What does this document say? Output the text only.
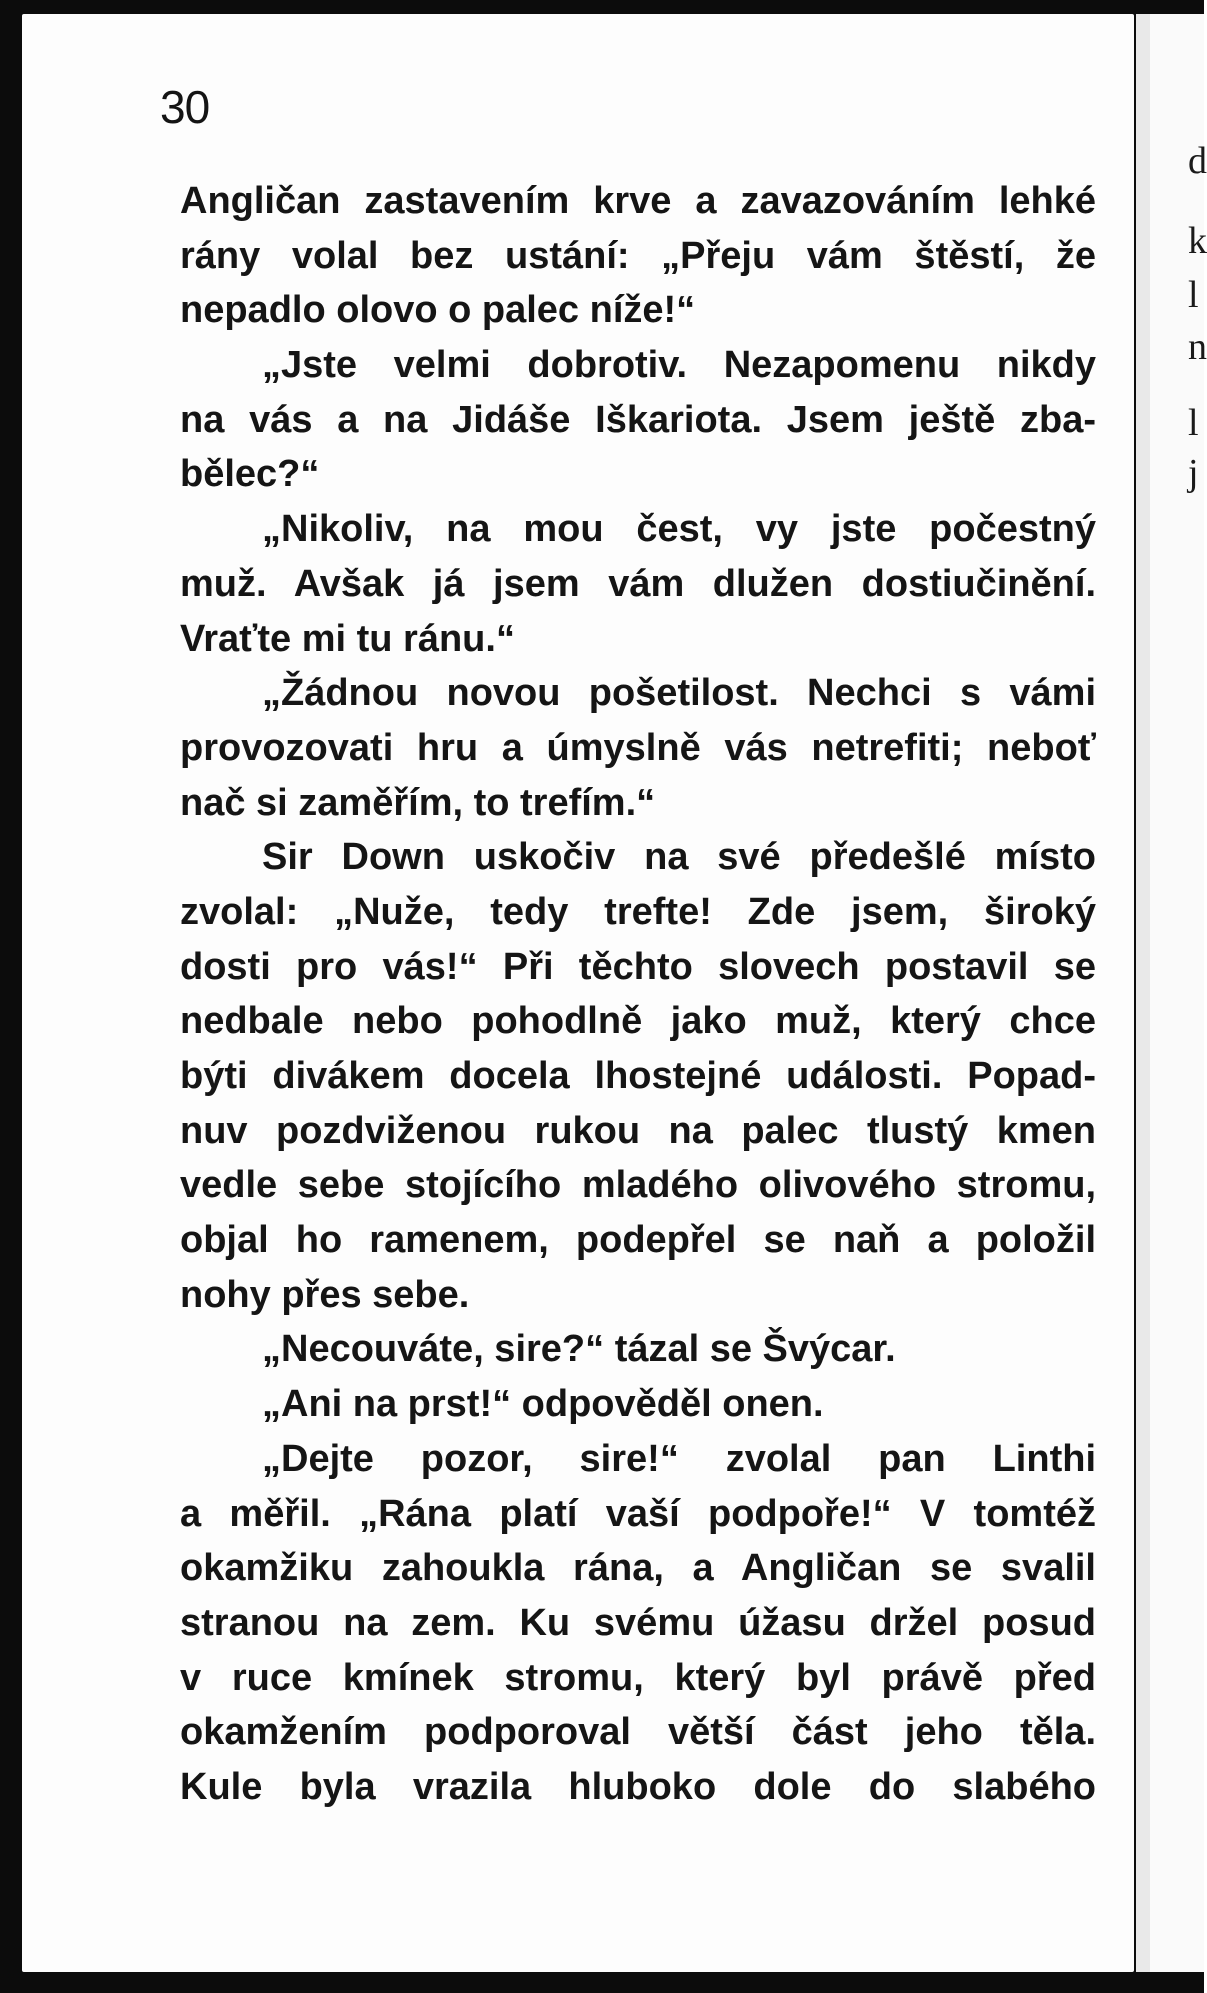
30
Angličan zastavením krve a zavazováním lehké
rány volal bez ustání: „Přeju vám štěstí, že
nepadlo olovo o palec níže!“
„Jste velmi dobrotiv. Nezapomenu nikdy
na vás a na Jidáše Iškariota. Jsem ještě zba-
bělec?“
„Nikoliv, na mou čest, vy jste počestný
muž. Avšak já jsem vám dlužen dostiučinění.
Vraťte mi tu ránu.“
„Žádnou novou pošetilost. Nechci s vámi
provozovati hru a úmyslně vás netrefiti; neboť
nač si zaměřím, to trefím.“
Sir Down uskočiv na své předešlé místo
zvolal: „Nuže, tedy trefte! Zde jsem, široký
dosti pro vás!“ Při těchto slovech postavil se
nedbale nebo pohodlně jako muž, který chce
býti divákem docela lhostejné události. Popad-
nuv pozdviženou rukou na palec tlustý kmen
vedle sebe stojícího mladého olivového stromu,
objal ho ramenem, podepřel se naň a položil
nohy přes sebe.
„Necouváte, sire?“ tázal se Švýcar.
„Ani na prst!“ odpověděl onen.
„Dejte pozor, sire!“ zvolal pan Linthi
a měřil. „Rána platí vaší podpoře!“ V tomtéž
okamžiku zahoukla rána, a Angličan se svalil
stranou na zem. Ku svému úžasu držel posud
v ruce kmínek stromu, který byl právě před
okamžením podporoval větší část jeho těla.
Kule byla vrazila hluboko dole do slabého
d
k
l
n
l
j
